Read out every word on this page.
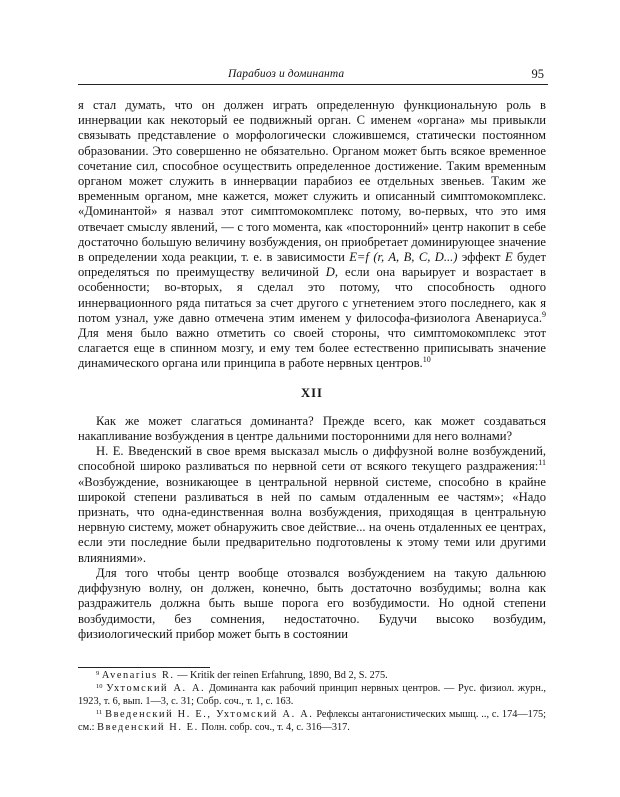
Парабиоз и доминанта	95

я стал думать, что он должен играть определенную функциональную роль в иннервации как некоторый ее подвижный орган. С именем «органа» мы привыкли связывать представление о морфологически сложившемся, статически постоянном образовании. Это совершенно не обязательно. Органом может быть всякое временное сочетание сил, способное осуществить определенное достижение. Таким временным органом может служить в иннервации парабиоз ее отдельных звеньев. Таким же временным органом, мне кажется, может служить и описанный симптомокомплекс. «Доминантой» я назвал этот симптомокомплекс потому, во-первых, что это имя отвечает смыслу явлений, — с того момента, как «посторонний» центр накопит в себе достаточно большую величину возбуждения, он приобретает доминирующее значение в определении хода реакции, т. е. в зависимости E=f (r, A, B, C, D...) эффект E будет определяться по преимуществу величиной D, если она варьирует и возрастает в особенности; во-вторых, я сделал это потому, что способность одного иннервационного ряда питаться за счет другого с угнетением этого последнего, как я потом узнал, уже давно отмечена этим именем у философа-физиолога Авенариуса.$^9$ Для меня было важно отметить со своей стороны, что симптомокомплекс этот слагается еще в спинном мозгу, и ему тем более естественно приписывать значение динамического органа или принципа в работе нервных центров.$^{10}$

XII

Как же может слагаться доминанта? Прежде всего, как может создаваться накапливание возбуждения в центре дальними посторонними для него волнами?

Н. Е. Введенский в свое время высказал мысль о диффузной волне возбуждений, способной широко разливаться по нервной сети от всякого текущего раздражения:$^{11}$ «Возбуждение, возникающее в центральной нервной системе, способно в крайне широкой степени разливаться в ней по самым отдаленным ее частям»; «Надо признать, что одна-единственная волна возбуждения, приходящая в центральную нервную систему, может обнаружить свое действие... на очень отдаленных ее центрах, если эти последние были предварительно подготовлены к этому теми или другими влияниями».

Для того чтобы центр вообще отозвался возбуждением на такую дальнюю диффузную волну, он должен, конечно, быть достаточно возбудимы; волна как раздражитель должна быть выше порога его возбудимости. Но одной степени возбудимости, без сомнения, недостаточно. Будучи высоко возбудим, физиологический прибор может быть в состоянии

$^9$ Avenarius R. — Kritik der reinen Erfahrung, 1890, Bd 2, S. 275.

$^{10}$ Ухтомский А. А. Доминанта как рабочий принцип нервных центров. — Рус. физиол. журн., 1923, т. 6, вып. 1—3, с. 31; Собр. соч., т. 1, с. 163.

$^{11}$ Введенский Н. Е., Ухтомский А. А. Рефлексы антагонистических мышц. .., с. 174—175; см.: Введенский Н. Е. Полн. собр. соч., т. 4, с. 316—317.
